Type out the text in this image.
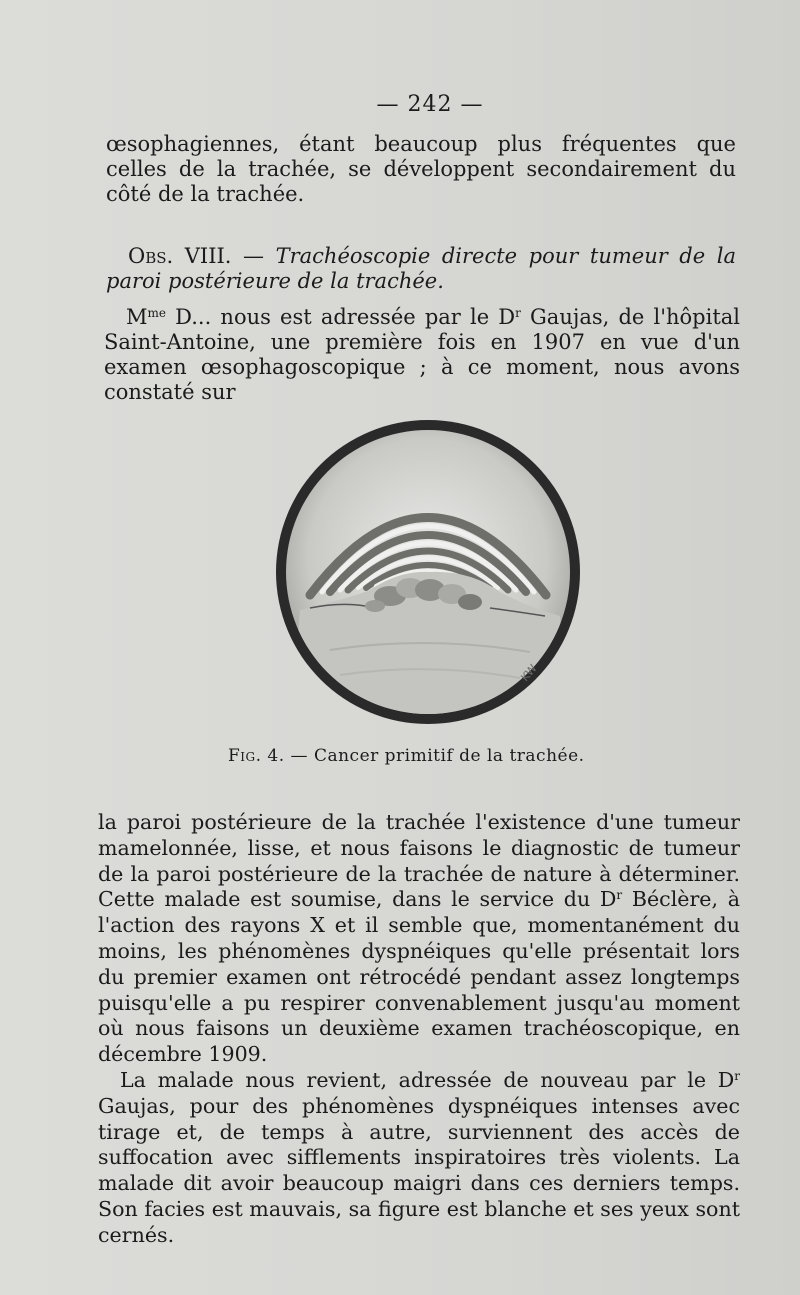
— 242 —

œsophagiennes, étant beaucoup plus fréquentes que celles de la trachée, se développent secondairement du côté de la trachée.

Obs. VIII. — Trachéoscopie directe pour tumeur de la paroi postérieure de la trachée.

$M^{me}$ D... nous est adressée par le $D^r$ Gaujas, de l'hôpital Saint-Antoine, une première fois en 1907 en vue d'un examen œsophagoscopique ; à ce moment, nous avons constaté sur

KW
Fig. 4. — Cancer primitif de la trachée.

la paroi postérieure de la trachée l'existence d'une tumeur mamelonnée, lisse, et nous faisons le diagnostic de tumeur de la paroi postérieure de la trachée de nature à déterminer. Cette malade est soumise, dans le service du $D^r$ Béclère, à l'action des rayons X et il semble que, momentanément du moins, les phénomènes dyspnéiques qu'elle présentait lors du premier examen ont rétrocédé pendant assez longtemps puisqu'elle a pu respirer convenablement jusqu'au moment où nous faisons un deuxième examen trachéoscopique, en décembre 1909.

La malade nous revient, adressée de nouveau par le $D^r$ Gaujas, pour des phénomènes dyspnéiques intenses avec tirage et, de temps à autre, surviennent des accès de suffocation avec sifflements inspiratoires très violents. La malade dit avoir beaucoup maigri dans ces derniers temps. Son facies est mauvais, sa figure est blanche et ses yeux sont cernés.
